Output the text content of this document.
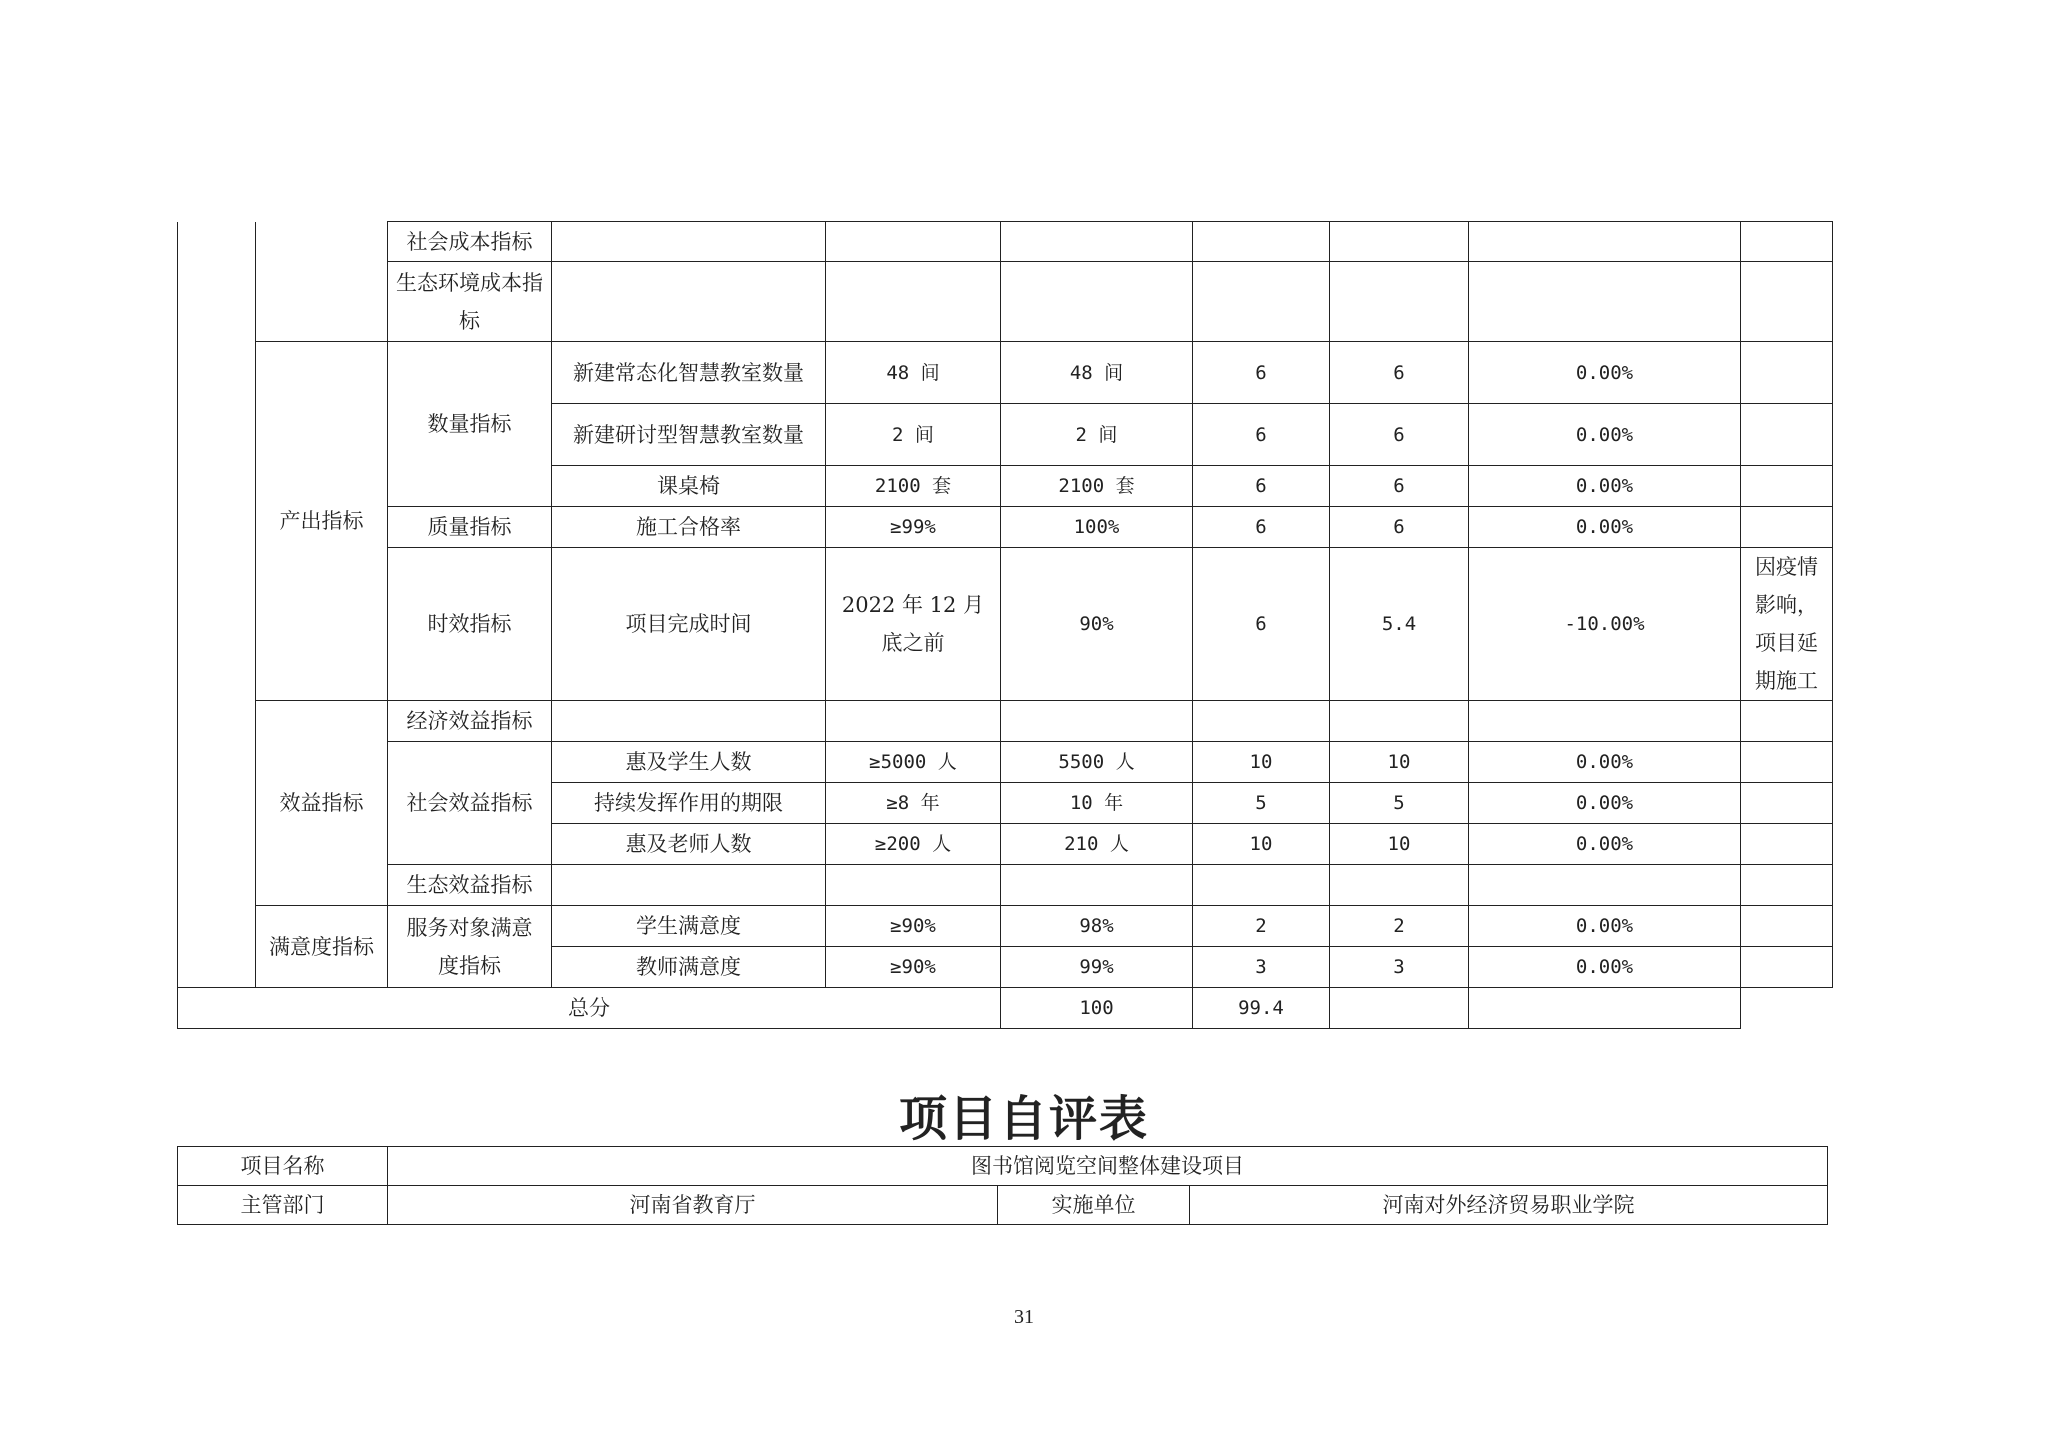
		社会成本指标							
		生态环境成本指标							
	产出指标	数量指标	新建常态化智慧教室数量	48 间	48 间	6	6	0.00%	
			新建研讨型智慧教室数量	2 间	2 间	6	6	0.00%	
			课桌椅	2100 套	2100 套	6	6	0.00%	
		质量指标	施工合格率	≥99%	100%	6	6	0.00%	
		时效指标	项目完成时间	2022 年 12 月底之前	90%	6	5.4	-10.00%	因疫情影响，项目延期施工
	效益指标	经济效益指标							
		社会效益指标	惠及学生人数	≥5000 人	5500 人	10	10	0.00%	
			持续发挥作用的期限	≥8 年	10 年	5	5	0.00%	
			惠及老师人数	≥200 人	210 人	10	10	0.00%	
		生态效益指标							
	满意度指标	服务对象满意度指标	学生满意度	≥90%	98%	2	2	0.00%	
			教师满意度	≥90%	99%	3	3	0.00%	
总分					100	99.4			
项目自评表
项目名称	图书馆阅览空间整体建设项目		
主管部门	河南省教育厅	实施单位	河南对外经济贸易职业学院
31
